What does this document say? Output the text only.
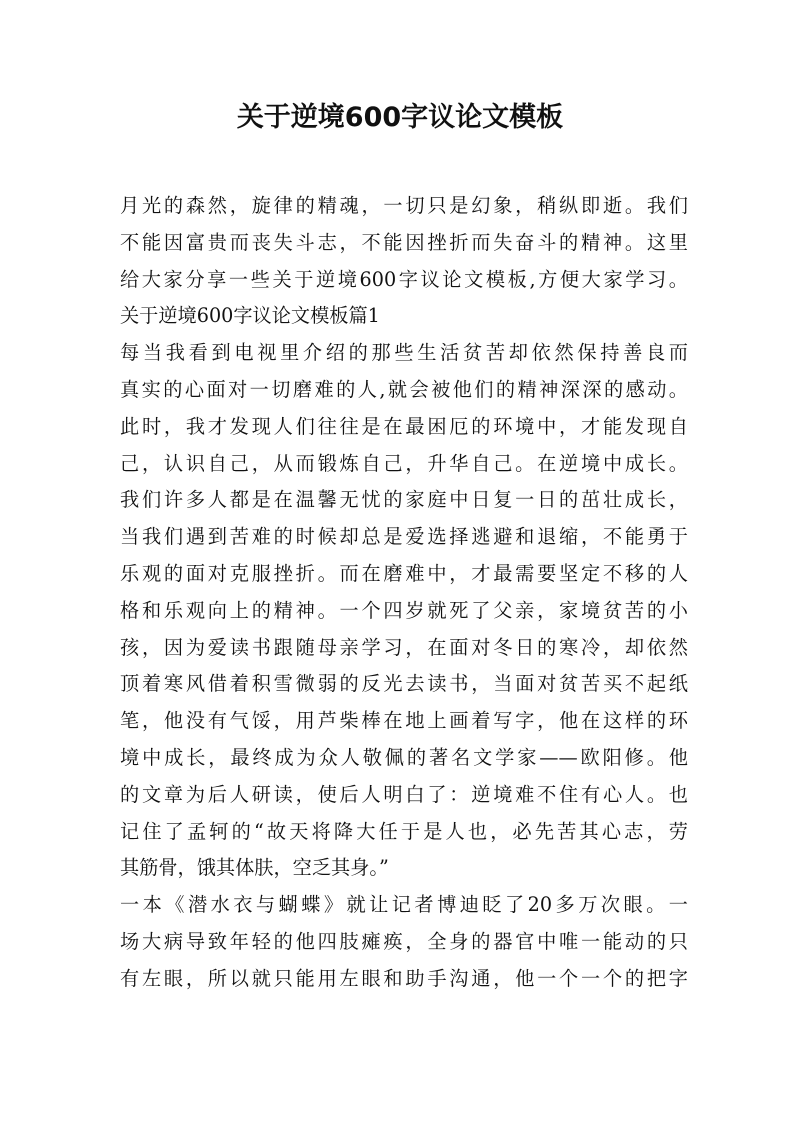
关于逆境600字议论文模板
月光的森然，旋律的精魂，一切只是幻象，稍纵即逝。我们
不能因富贵而丧失斗志，不能因挫折而失奋斗的精神。这里
给大家分享一些关于逆境600字议论文模板,方便大家学习。
关于逆境600字议论文模板篇1
每当我看到电视里介绍的那些生活贫苦却依然保持善良而
真实的心面对一切磨难的人,就会被他们的精神深深的感动。
此时，我才发现人们往往是在最困厄的环境中，才能发现自
己，认识自己，从而锻炼自己，升华自己。在逆境中成长。
我们许多人都是在温馨无忧的家庭中日复一日的茁壮成长，
当我们遇到苦难的时候却总是爱选择逃避和退缩，不能勇于
乐观的面对克服挫折。而在磨难中，才最需要坚定不移的人
格和乐观向上的精神。一个四岁就死了父亲，家境贫苦的小
孩，因为爱读书跟随母亲学习，在面对冬日的寒冷，却依然
顶着寒风借着积雪微弱的反光去读书，当面对贫苦买不起纸
笔，他没有气馁，用芦柴棒在地上画着写字，他在这样的环
境中成长，最终成为众人敬佩的著名文学家——欧阳修。他
的文章为后人研读，使后人明白了：逆境难不住有心人。也
记住了孟轲的“故天将降大任于是人也，必先苦其心志，劳
其筋骨，饿其体肤，空乏其身。”
一本《潜水衣与蝴蝶》就让记者博迪眨了20多万次眼。一
场大病导致年轻的他四肢瘫痪，全身的器官中唯一能动的只
有左眼，所以就只能用左眼和助手沟通，他一个一个的把字
